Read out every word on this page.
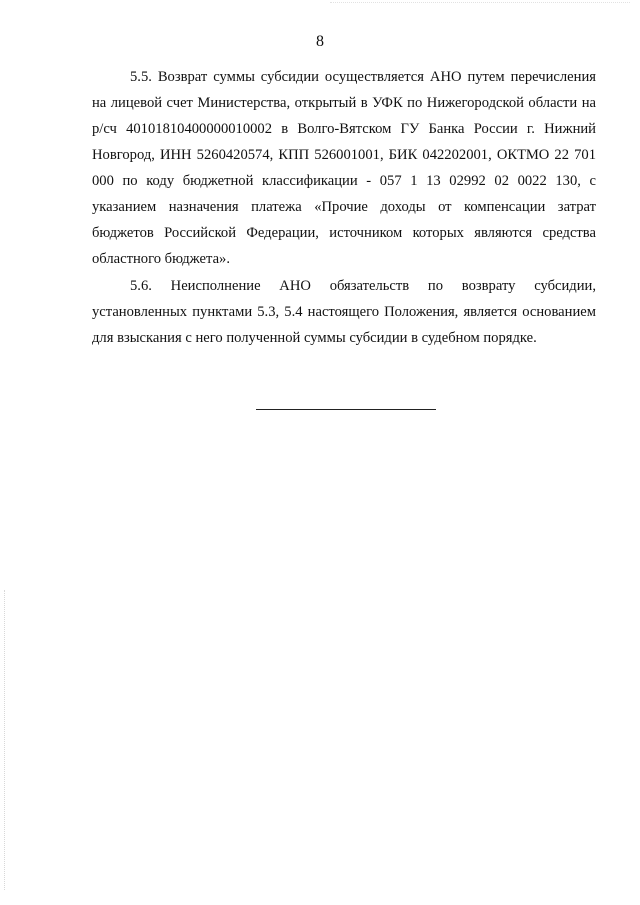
8

5.5. Возврат суммы субсидии осуществляется АНО путем перечисления на лицевой счет Министерства, открытый в УФК по Нижегородской области на р/сч 40101810400000010002 в Волго-Вятском ГУ Банка России г. Нижний Новгород, ИНН 5260420574, КПП 526001001, БИК 042202001, ОКТМО 22 701 000 по коду бюджетной классификации - 057 1 13 02992 02 0022 130, с указанием назначения платежа «Прочие доходы от компенсации затрат бюджетов Российской Федерации, источником которых являются средства областного бюджета».

5.6. Неисполнение АНО обязательств по возврату субсидии, установленных пунктами 5.3, 5.4 настоящего Положения, является основанием для взыскания с него полученной суммы субсидии в судебном порядке.
